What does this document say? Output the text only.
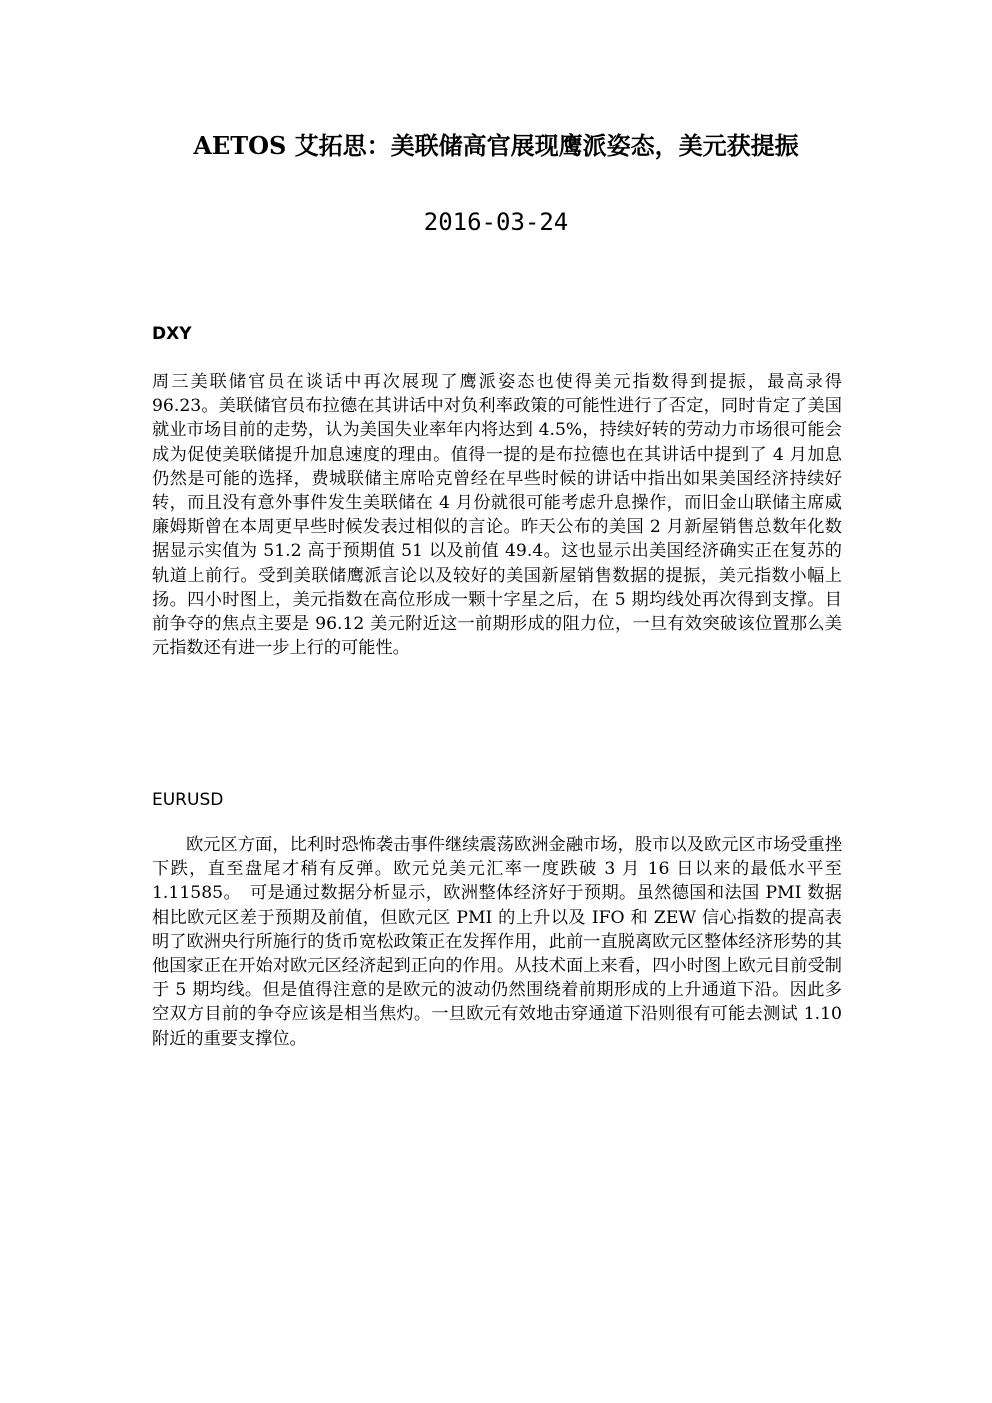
AETOS 艾拓思：美联储高官展现鹰派姿态，美元获提振
2016-03-24
DXY

周三美联储官员在谈话中再次展现了鹰派姿态也使得美元指数得到提振，最高录得 96.23。美联储官员布拉德在其讲话中对负利率政策的可能性进行了否定，同时肯定了美国就业市场目前的走势，认为美国失业率年内将达到 4.5%，持续好转的劳动力市场很可能会成为促使美联储提升加息速度的理由。值得一提的是布拉德也在其讲话中提到了 4 月加息仍然是可能的选择，费城联储主席哈克曾经在早些时候的讲话中指出如果美国经济持续好转，而且没有意外事件发生美联储在 4 月份就很可能考虑升息操作，而旧金山联储主席威廉姆斯曾在本周更早些时候发表过相似的言论。昨天公布的美国 2 月新屋销售总数年化数据显示实值为 51.2 高于预期值 51 以及前值 49.4。这也显示出美国经济确实正在复苏的轨道上前行。受到美联储鹰派言论以及较好的美国新屋销售数据的提振，美元指数小幅上扬。四小时图上，美元指数在高位形成一颗十字星之后，在 5 期均线处再次得到支撑。目前争夺的焦点主要是 96.12 美元附近这一前期形成的阻力位，一旦有效突破该位置那么美元指数还有进一步上行的可能性。

EURUSD

欧元区方面，比利时恐怖袭击事件继续震荡欧洲金融市场，股市以及欧元区市场受重挫下跌，直至盘尾才稍有反弹。欧元兑美元汇率一度跌破 3 月 16 日以来的最低水平至 1.11585。　可是通过数据分析显示，欧洲整体经济好于预期。虽然德国和法国 PMI 数据相比欧元区差于预期及前值，但欧元区 PMI 的上升以及 IFO 和 ZEW 信心指数的提高表明了欧洲央行所施行的货币宽松政策正在发挥作用，此前一直脱离欧元区整体经济形势的其他国家正在开始对欧元区经济起到正向的作用。从技术面上来看，四小时图上欧元目前受制于 5 期均线。但是值得注意的是欧元的波动仍然围绕着前期形成的上升通道下沿。因此多空双方目前的争夺应该是相当焦灼。一旦欧元有效地击穿通道下沿则很有可能去测试 1.10 附近的重要支撑位。
